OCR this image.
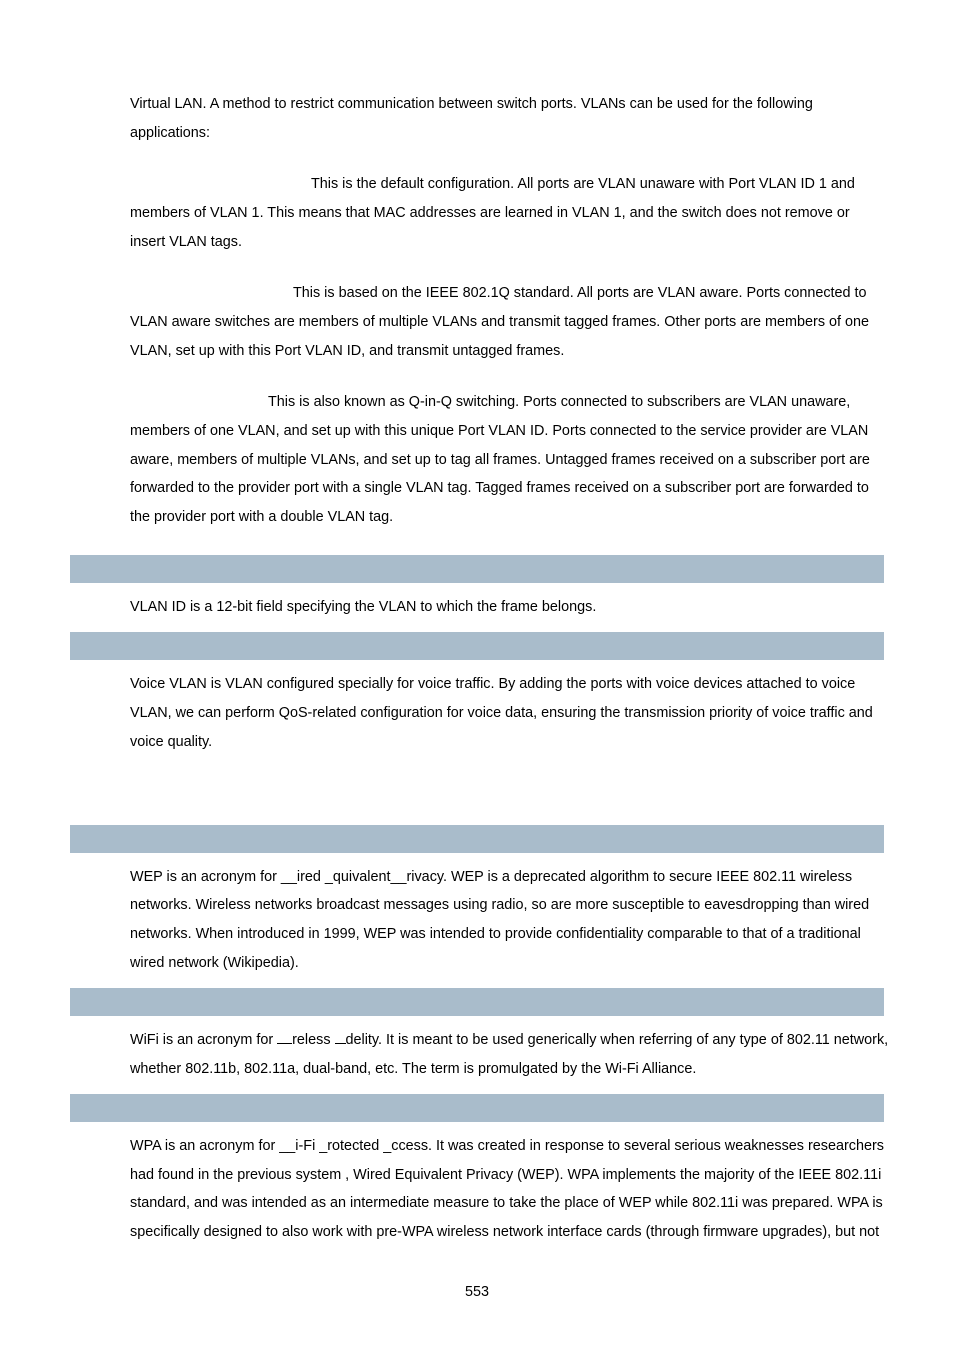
Virtual LAN. A method to restrict communication between switch ports. VLANs can be used for the following
applications:
This is the default configuration. All ports are VLAN unaware with Port VLAN ID 1 and
members of VLAN 1. This means that MAC addresses are learned in VLAN 1, and the switch does not remove or
insert VLAN tags.
This is based on the IEEE 802.1Q standard. All ports are VLAN aware. Ports connected to
VLAN aware switches are members of multiple VLANs and transmit tagged frames. Other ports are members of one
VLAN, set up with this Port VLAN ID, and transmit untagged frames.
This is also known as Q-in-Q switching. Ports connected to subscribers are VLAN unaware,
members of one VLAN, and set up with this unique Port VLAN ID. Ports connected to the service provider are VLAN
aware, members of multiple VLANs, and set up to tag all frames. Untagged frames received on a subscriber port are
forwarded to the provider port with a single VLAN tag. Tagged frames received on a subscriber port are forwarded to
the provider port with a double VLAN tag.
VLAN ID is a 12-bit field specifying the VLAN to which the frame belongs.
Voice VLAN is VLAN configured specially for voice traffic. By adding the ports with voice devices attached to voice
VLAN, we can perform QoS-related configuration for voice data, ensuring the transmission priority of voice traffic and
voice quality.
WEP is an acronym for __ired _quivalent__rivacy. WEP is a deprecated algorithm to secure IEEE 802.11 wireless
networks. Wireless networks broadcast messages using radio, so are more susceptible to eavesdropping than wired
networks. When introduced in 1999, WEP was intended to provide confidentiality comparable to that of a traditional
wired network (Wikipedia).
WiFi is an acronym for reless delity. It is meant to be used generically when referring of any type of 802.11 network,
whether 802.11b, 802.11a, dual-band, etc. The term is promulgated by the Wi-Fi Alliance.
WPA is an acronym for __i-Fi _rotected _ccess. It was created in response to several serious weaknesses researchers
had found in the previous system , Wired Equivalent Privacy (WEP). WPA implements the majority of the IEEE 802.11i
standard, and was intended as an intermediate measure to take the place of WEP while 802.11i was prepared. WPA is
specifically designed to also work with pre-WPA wireless network interface cards (through firmware upgrades), but not
553
